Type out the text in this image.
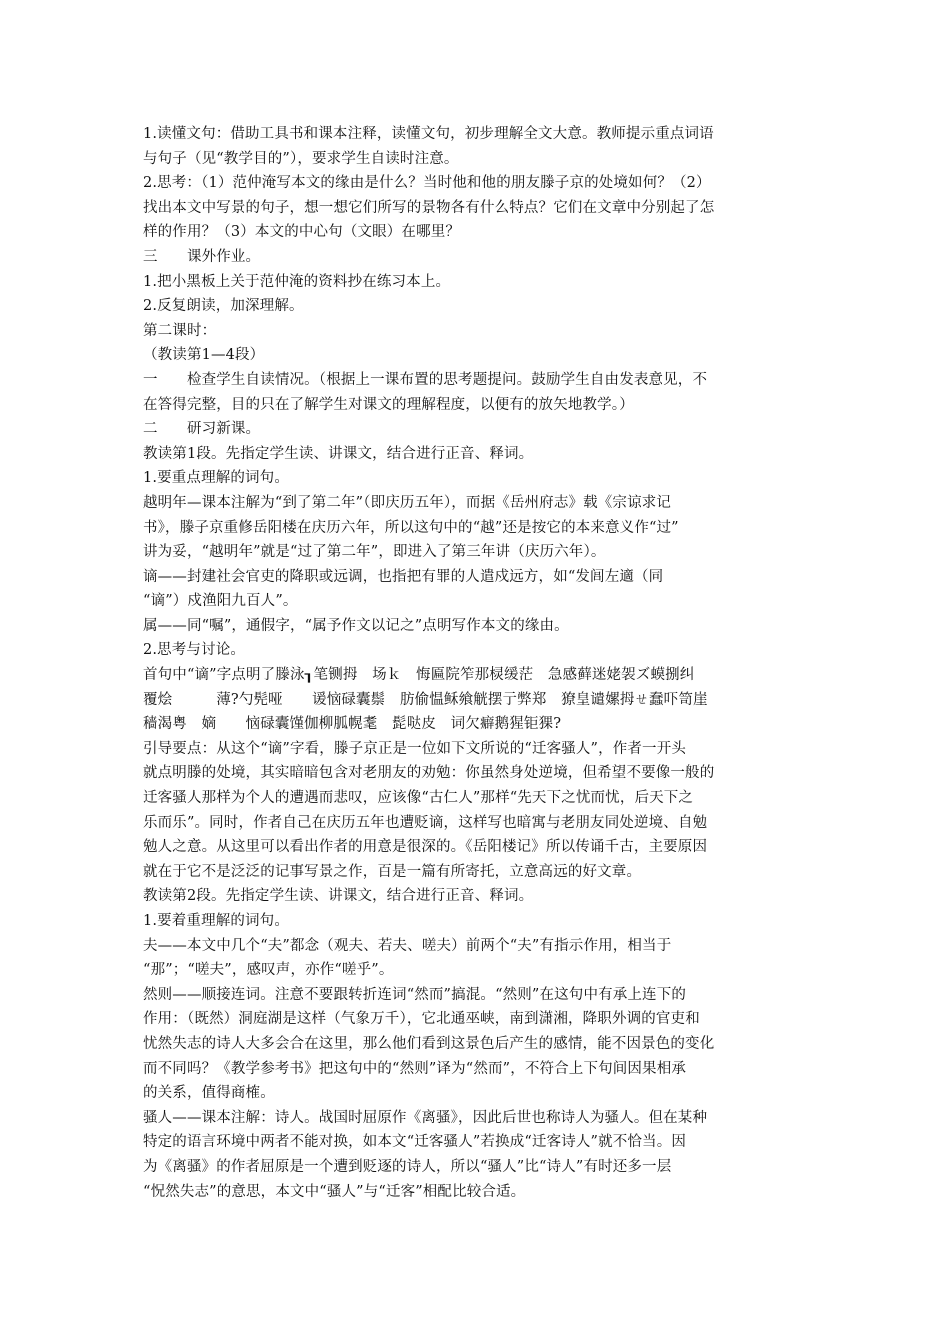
1.读懂文句：借助工具书和课本注释，读懂文句，初步理解全文大意。教师提示重点词语
与句子（见“教学目的”），要求学生自读时注意。
2.思考：（1）范仲淹写本文的缘由是什么？当时他和他的朋友滕子京的处境如何？（2）
找出本文中写景的句子，想一想它们所写的景物各有什么特点？它们在文章中分别起了怎
样的作用？（3）本文的中心句（文眼）在哪里？
三　　课外作业。
1.把小黑板上关于范仲淹的资料抄在练习本上。
2.反复朗读，加深理解。
第二课时：
（教读第1—4段）
一　　检查学生自读情况。（根据上一课布置的思考题提问。鼓励学生自由发表意见，不
在答得完整，目的只在了解学生对课文的理解程度，以便有的放矢地教学。）
二　　研习新课。
教读第1段。先指定学生读、讲课文，结合进行正音、释词。
1.要重点理解的词句。
越明年—课本注解为“到了第二年”（即庆历五年），而据《岳州府志》载《宗谅求记
书》，滕子京重修岳阳楼在庆历六年，所以这句中的“越”还是按它的本来意义作“过”
讲为妥，“越明年”就是“过了第二年”，即进入了第三年讲（庆历六年）。
谪——封建社会官吏的降职或远调，也指把有罪的人遣戍远方，如“发闾左適（同
“谪”）戍渔阳九百人”。
属——同“嘱”，通假字，“属予作文以记之”点明写作本文的缘由。
2.思考与讨论。
首句中“谪”字点明了滕泳┒笔铡拇　场ｋ　悔匾院笮那棂缓茫　急感藓迷姥袈ズ蟆捌纠
覆烩　　　薄?勺髡哑　　谖恼碌囊鬃　肪偷愠稣飨觥摆亍弊郑　獠皇谴嫘拇ㄝ蠢吓笥崖
穑渴粤　嫡　　恼碌囊馑伽柳胍幌耄　髭哒皮　词欠癖鹅猩钜猓?
引导要点：从这个“谪”字看，滕子京正是一位如下文所说的“迁客骚人”，作者一开头
就点明滕的处境，其实暗暗包含对老朋友的劝勉：你虽然身处逆境，但希望不要像一般的
迁客骚人那样为个人的遭遇而悲叹，应该像“古仁人”那样“先天下之忧而忧，后天下之
乐而乐”。同时，作者自己在庆历五年也遭贬谪，这样写也暗寓与老朋友同处逆境、自勉
勉人之意。从这里可以看出作者的用意是很深的。《岳阳楼记》所以传诵千古，主要原因
就在于它不是泛泛的记事写景之作，百是一篇有所寄托，立意高远的好文章。
教读第2段。先指定学生读、讲课文，结合进行正音、释词。
1.要着重理解的词句。
夫——本文中几个“夫”都念（观夫、若夫、嗟夫）前两个“夫”有指示作用，相当于
“那”；“嗟夫”，感叹声，亦作“嗟乎”。
然则——顺接连词。注意不要跟转折连词“然而”搞混。“然则”在这句中有承上连下的
作用：（既然）洞庭湖是这样（气象万千），它北通巫峡，南到潇湘，降职外调的官吏和
忧然失志的诗人大多会合在这里，那么他们看到这景色后产生的感情，能不因景色的变化
而不同吗？《教学参考书》把这句中的“然则”译为“然而”，不符合上下句间因果相承
的关系，值得商榷。
骚人——课本注解：诗人。战国时屈原作《离骚》，因此后世也称诗人为骚人。但在某种
特定的语言环境中两者不能对换，如本文“迁客骚人”若换成“迁客诗人”就不恰当。因
为《离骚》的作者屈原是一个遭到贬逐的诗人，所以“骚人”比“诗人”有时还多一层
“怳然失志”的意思，本文中“骚人”与“迁客”相配比较合适。
